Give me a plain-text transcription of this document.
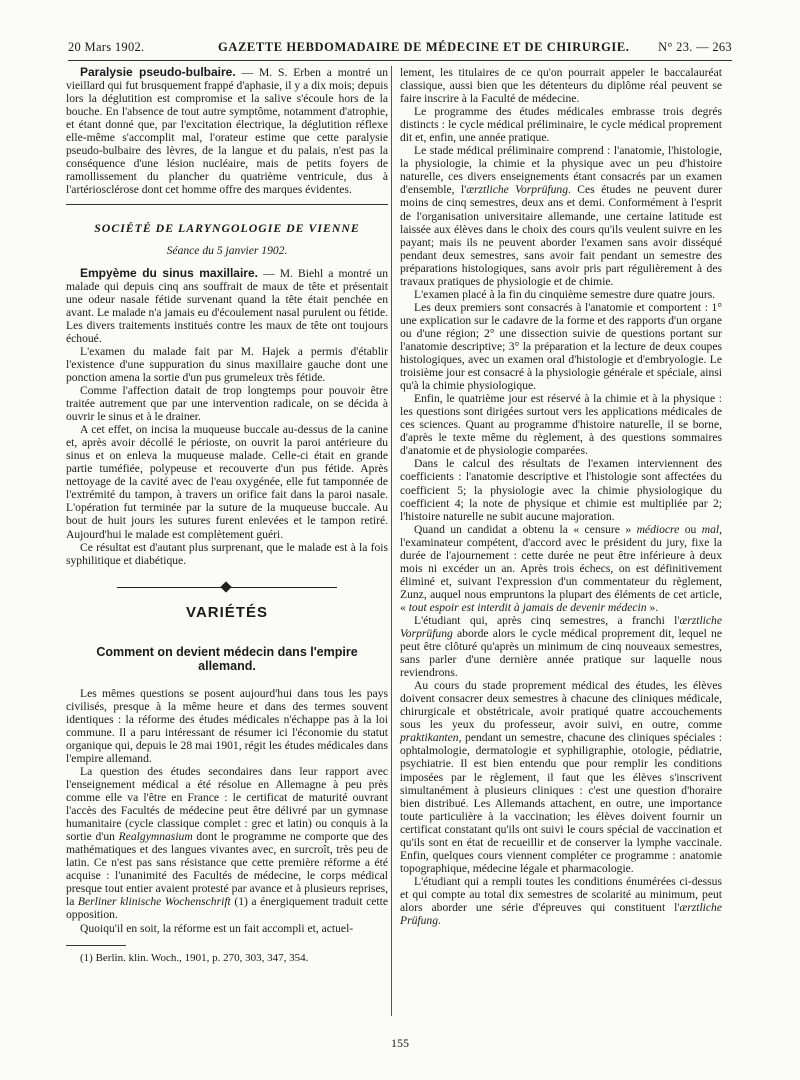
20 Mars 1902.	GAZETTE HEBDOMADAIRE DE MÉDECINE ET DE CHIRURGIE. N° 23. — 263

Paralysie pseudo-bulbaire. — M. S. Erben a montré un vieillard qui fut brusquement frappé d'aphasie, il y a dix mois; depuis lors la déglutition est compromise et la salive s'écoule hors de la bouche. En l'absence de tout autre symptôme, notamment d'atrophie, et étant donné que, par l'excitation électrique, la déglutition réflexe elle-même s'accomplit mal, l'orateur estime que cette paralysie pseudo-bulbaire des lèvres, de la langue et du palais, n'est pas la conséquence d'une lésion nucléaire, mais de petits foyers de ramollissement du plancher du quatrième ventricule, dus à l'artériosclérose dont cet homme offre des marques évidentes.

SOCIÉTÉ DE LARYNGOLOGIE DE VIENNE
Séance du 5 janvier 1902.

Empyème du sinus maxillaire. — M. Biehl a montré un malade qui depuis cinq ans souffrait de maux de tête et présentait une odeur nasale fétide survenant quand la tête était penchée en avant. Le malade n'a jamais eu d'écoulement nasal purulent ou fétide. Les divers traitements institués contre les maux de tête ont toujours échoué.

L'examen du malade fait par M. Hajek a permis d'établir l'existence d'une suppuration du sinus maxillaire gauche dont une ponction amena la sortie d'un pus grumeleux très fétide.

Comme l'affection datait de trop longtemps pour pouvoir être traitée autrement que par une intervention radicale, on se décida à ouvrir le sinus et à le drainer.

A cet effet, on incisa la muqueuse buccale au-dessus de la canine et, après avoir décollé le périoste, on ouvrit la paroi antérieure du sinus et on enleva la muqueuse malade. Celle-ci était en grande partie tuméfiée, polypeuse et recouverte d'un pus fétide. Après nettoyage de la cavité avec de l'eau oxygénée, elle fut tamponnée de l'extrémité du tampon, à travers un orifice fait dans la paroi nasale. L'opération fut terminée par la suture de la muqueuse buccale. Au bout de huit jours les sutures furent enlevées et le tampon retiré. Aujourd'hui le malade est complètement guéri.

Ce résultat est d'autant plus surprenant, que le malade est à la fois syphilitique et diabétique.

VARIÉTÉS
Comment on devient médecin dans l'empire allemand.

Les mêmes questions se posent aujourd'hui dans tous les pays civilisés, presque à la même heure et dans des termes souvent identiques : la réforme des études médicales n'échappe pas à la loi commune. Il a paru intéressant de résumer ici l'économie du statut organique qui, depuis le 28 mai 1901, régit les études médicales dans l'empire allemand.

La question des études secondaires dans leur rapport avec l'enseignement médical a été résolue en Allemagne à peu près comme elle va l'être en France : le certificat de maturité ouvrant l'accès des Facultés de médecine peut être délivré par un gymnase humanitaire (cycle classique complet : grec et latin) ou conquis à la sortie d'un Realgymnasium dont le programme ne comporte que des mathématiques et des langues vivantes avec, en surcroît, très peu de latin. Ce n'est pas sans résistance que cette première réforme a été acquise : l'unanimité des Facultés de médecine, le corps médical presque tout entier avaient protesté par avance et à plusieurs reprises, la Berliner klinische Wochenschrift (1) a énergiquement traduit cette opposition.

Quoiqu'il en soit, la réforme est un fait accompli et, actuel-

(1) Berlin. klin. Woch., 1901, p. 270, 303, 347, 354.

lement, les titulaires de ce qu'on pourrait appeler le baccalauréat classique, aussi bien que les détenteurs du diplôme réal peuvent se faire inscrire à la Faculté de médecine.

Le programme des études médicales embrasse trois degrés distincts : le cycle médical préliminaire, le cycle médical proprement dit et, enfin, une année pratique.

Le stade médical préliminaire comprend : l'anatomie, l'histologie, la physiologie, la chimie et la physique avec un peu d'histoire naturelle, ces divers enseignements étant consacrés par un examen d'ensemble, l'ærztliche Vorprüfung. Ces études ne peuvent durer moins de cinq semestres, deux ans et demi. Conformément à l'esprit de l'organisation universitaire allemande, une certaine latitude est laissée aux élèves dans le choix des cours qu'ils veulent suivre en les payant; mais ils ne peuvent aborder l'examen sans avoir disséqué pendant deux semestres, sans avoir fait pendant un semestre des préparations histologiques, sans avoir pris part régulièrement à des travaux pratiques de physiologie et de chimie.

L'examen placé à la fin du cinquième semestre dure quatre jours.

Les deux premiers sont consacrés à l'anatomie et comportent : 1° une explication sur le cadavre de la forme et des rapports d'un organe ou d'une région; 2° une dissection suivie de questions portant sur l'anatomie descriptive; 3° la préparation et la lecture de deux coupes histologiques, avec un examen oral d'histologie et d'embryologie. Le troisième jour est consacré à la physiologie générale et spéciale, ainsi qu'à la chimie physiologique.

Enfin, le quatrième jour est réservé à la chimie et à la physique : les questions sont dirigées surtout vers les applications médicales de ces sciences. Quant au programme d'histoire naturelle, il se borne, d'après le texte même du règlement, à des questions sommaires d'anatomie et de physiologie comparées.

Dans le calcul des résultats de l'examen interviennent des coefficients : l'anatomie descriptive et l'histologie sont affectées du coefficient 5; la physiologie avec la chimie physiologique du coefficient 4; la note de physique et chimie est multipliée par 2; l'histoire naturelle ne subit aucune majoration.

Quand un candidat a obtenu la « censure » médiocre ou mal, l'examinateur compétent, d'accord avec le président du jury, fixe la durée de l'ajournement : cette durée ne peut être inférieure à deux mois ni excéder un an. Après trois échecs, on est définitivement éliminé et, suivant l'expression d'un commentateur du règlement, Zunz, auquel nous empruntons la plupart des éléments de cet article, « tout espoir est interdit à jamais de devenir médecin ».

L'étudiant qui, après cinq semestres, a franchi l'ærztliche Vorprüfung aborde alors le cycle médical proprement dit, lequel ne peut être clôturé qu'après un minimum de cinq nouveaux semestres, sans parler d'une dernière année pratique sur laquelle nous reviendrons.

Au cours du stade proprement médical des études, les élèves doivent consacrer deux semestres à chacune des cliniques médicale, chirurgicale et obstétricale, avoir pratiqué quatre accouchements sous les yeux du professeur, avoir suivi, en outre, comme praktikanten, pendant un semestre, chacune des cliniques spéciales : ophtalmologie, dermatologie et syphiligraphie, otologie, pédiatrie, psychiatrie. Il est bien entendu que pour remplir les conditions imposées par le règlement, il faut que les élèves s'inscrivent simultanément à plusieurs cliniques : c'est une question d'horaire bien distribué. Les Allemands attachent, en outre, une importance toute particulière à la vaccination; les élèves doivent fournir un certificat constatant qu'ils ont suivi le cours spécial de vaccination et qu'ils sont en état de recueillir et de conserver la lymphe vaccinale. Enfin, quelques cours viennent compléter ce programme : anatomie topographique, médecine légale et pharmacologie.

L'étudiant qui a rempli toutes les conditions énumérées ci-dessus et qui compte au total dix semestres de scolarité au minimum, peut alors aborder une série d'épreuves qui constituent l'ærztliche Prüfung.

155
